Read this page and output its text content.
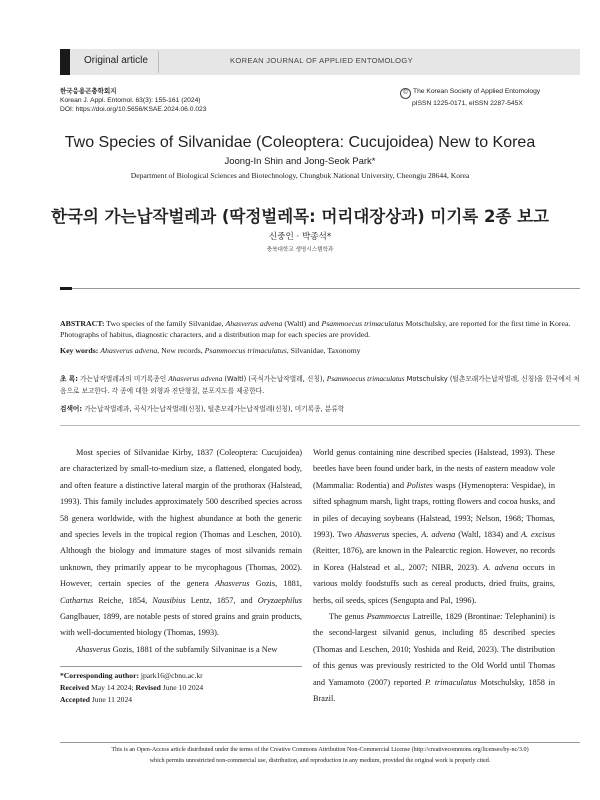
Original article	KOREAN JOURNAL OF APPLIED ENTOMOLOGY
한국응용곤충학회지
Korean J. Appl. Entomol. 63(3): 155-161 (2024)
DOI: https://doi.org/10.5656/KSAE.2024.06.0.023
© The Korean Society of Applied Entomology
pISSN 1225-0171, eISSN 2287-545X
Two Species of Silvanidae (Coleoptera: Cucujoidea) New to Korea
Joong-In Shin and Jong-Seok Park*
Department of Biological Sciences and Biotechnology, Chungbuk National University, Cheongju 28644, Korea
한국의 가는납작벌레과 (딱정벌레목: 머리대장상과) 미기록 2종 보고
신중인 · 박종석*
충북대학교 생명시스템학과
ABSTRACT: Two species of the family Silvanidae, Ahasverus advena (Waltl) and Psammoecus trimaculatus Motschulsky, are reported for the first time in Korea. Photographs of habitus, diagnostic characters, and a distribution map for each species are provided.
Key words: Ahasverus advena, New records, Psammoecus trimaculatus, Silvanidae, Taxonomy
초 록: 가는납작벌레과의 미기록종인 Ahasverus advena (Waltl) (곡식가는납작벌레, 신칭), Psammoecus trimaculatus Motschulsky (털촌모래가는납작벌레, 신칭)을 한국에서 처음으로 보고한다. 각 종에 대한 외형과 진단형질, 분포지도를 제공한다.
검색어: 가는납작벌레과, 곡식가는납작벌레(신칭), 털촌모래가는납작벌레(신칭), 미기록종, 분류학

Most species of Silvanidae Kirby, 1837 (Coleoptera: Cucujoidea) are characterized by small-to-medium size, a flattened, elongated body, and often feature a distinctive lateral margin of the prothorax (Halstead, 1993). This family includes approximately 500 described species across 58 genera worldwide, with the highest abundance at both the generic and species levels in the tropical region (Thomas and Leschen, 2010). Although the biology and immature stages of most silvanids remain unknown, they primarily appear to be mycophagous (Thomas, 2002). However, certain species of the genera Ahasverus Gozis, 1881, Cathartus Reiche, 1854, Nausibius Lentz, 1857, and Oryzaephilus Ganglbauer, 1899, are notable pests of stored grains and grain products, with well-documented biology (Thomas, 1993).

Ahasverus Gozis, 1881 of the subfamily Silvaninae is a New

*Corresponding author: jpark16@cbnu.ac.kr
Received May 14 2024; Revised June 10 2024
Accepted June 11 2024

World genus containing nine described species (Halstead, 1993). These beetles have been found under bark, in the nests of eastern meadow vole (Mammalia: Rodentia) and Polistes wasps (Hymenoptera: Vespidae), in sifted sphagnum marsh, light traps, rotting flowers and cocoa husks, and in piles of decaying soybeans (Halstead, 1993; Nelson, 1968; Thomas, 1993). Two Ahasverus species, A. advena (Waltl, 1834) and A. excisus (Reitter, 1876), are known in the Palearctic region. However, no records in Korea (Halstead et al., 2007; NIBR, 2023). A. advena occurs in various moldy foodstuffs such as cereal products, dried fruits, grains, herbs, oil seeds, spices (Sengupta and Pal, 1996).

The genus Psammoecus Latreille, 1829 (Brontinae: Telephanini) is the second-largest silvanid genus, including 85 described species (Thomas and Leschen, 2010; Yoshida and Reid, 2023). The distribution of this genus was previously restricted to the Old World until Thomas and Yamamoto (2007) reported P. trimaculatus Motschulsky, 1858 in Brazil.

This is an Open-Access article distributed under the terms of the Creative Commons Attribution Non-Commercial License (http://creativecommons.org/licenses/by-nc/3.0)
which permits unrestricted non-commercial use, distribution, and reproduction in any medium, provided the original work is properly cited.
